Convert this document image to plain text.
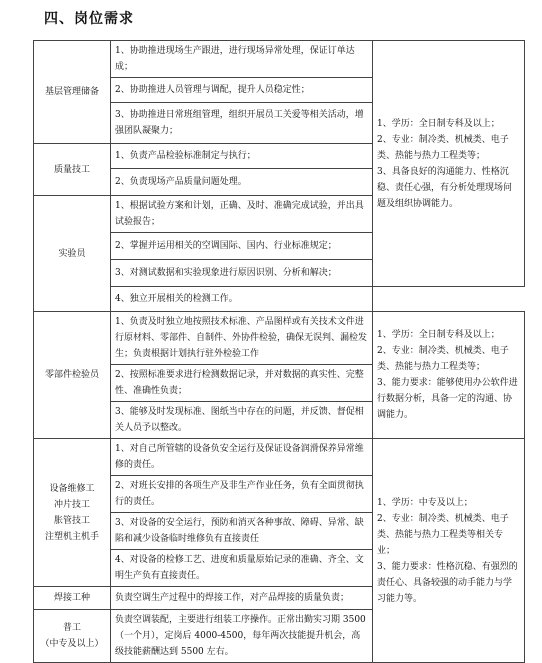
四、岗位需求
基层管理储备	1、协助推进现场生产跟进，进行现场异常处理，保证订单达成；	1、学历：全日制专科及以上；
2、专业：制冷类、机械类、电子类、热能与热力工程类等；
3、具备良好的沟通能力、性格沉稳、责任心强，有分析处理现场问题及组织协调能力。

	2、协助推进人员管理与调配，提升人员稳定性；	
	3、协助推进日常班组管理，组织开展员工关爱等相关活动，增强团队凝聚力；	

质量技工	1、负责产品检验标准制定与执行；	
	2、负责现场产品质量问题处理。	

实验员	1、根据试验方案和计划，正确、及时、准确完成试验，并出具试验报告；	
	2、掌握并运用相关的空调国际、国内、行业标准规定；	
	3、对测试数据和实验现象进行原因识别、分析和解决；	
	4、独立开展相关的检测工作。	

零部件检验员	1、负责及时独立地按照技术标准、产品图样或有关技术文件进行原材料、零部件、自制件、外协件检验，确保无误判、漏检发生；负责根据计划执行驻外检验工作	1、学历：全日制专科及以上；
2、专业：制冷类、机械类、电子类、热能与热力工程类等；
3、能力要求：能够使用办公软件进行数据分析，具备一定的沟通、协调能力。

	2、按照标准要求进行检测数据记录，并对数据的真实性、完整性、准确性负责；	
	3、能够及时发现标准、图纸当中存在的问题，并反馈、督促相关人员予以整改。	

设备维修工
冲片技工
胀管技工
注塑机主机手	1、对自己所管辖的设备负安全运行及保证设备润滑保养异常维修的责任。	1、学历：中专及以上；
2、专业：制冷类、机械类、电子类、热能与热力工程类等相关专业；
3、能力要求：性格沉稳、有强烈的责任心、具备较强的动手能力与学习能力等。

	2、对班长安排的各项生产及非生产作业任务，负有全面贯彻执行的责任。	
	3、对设备的安全运行，预防和消灭各种事故、障碍、异常、缺陷和减少设备临时维修负有直接责任	
	4、对设备的检修工艺、进度和质量原始记录的准确、齐全、文明生产负有直接责任。	

焊接工种	负责空调生产过程中的焊接工作，对产品焊接的质量负责；	

普工
（中专及以上）	负责空调装配，主要进行组装工序操作。正常出勤实习期 3500（一个月），定岗后 4000-4500，每年两次技能提升机会，高级技能薪酬达到 5500 左右。	
